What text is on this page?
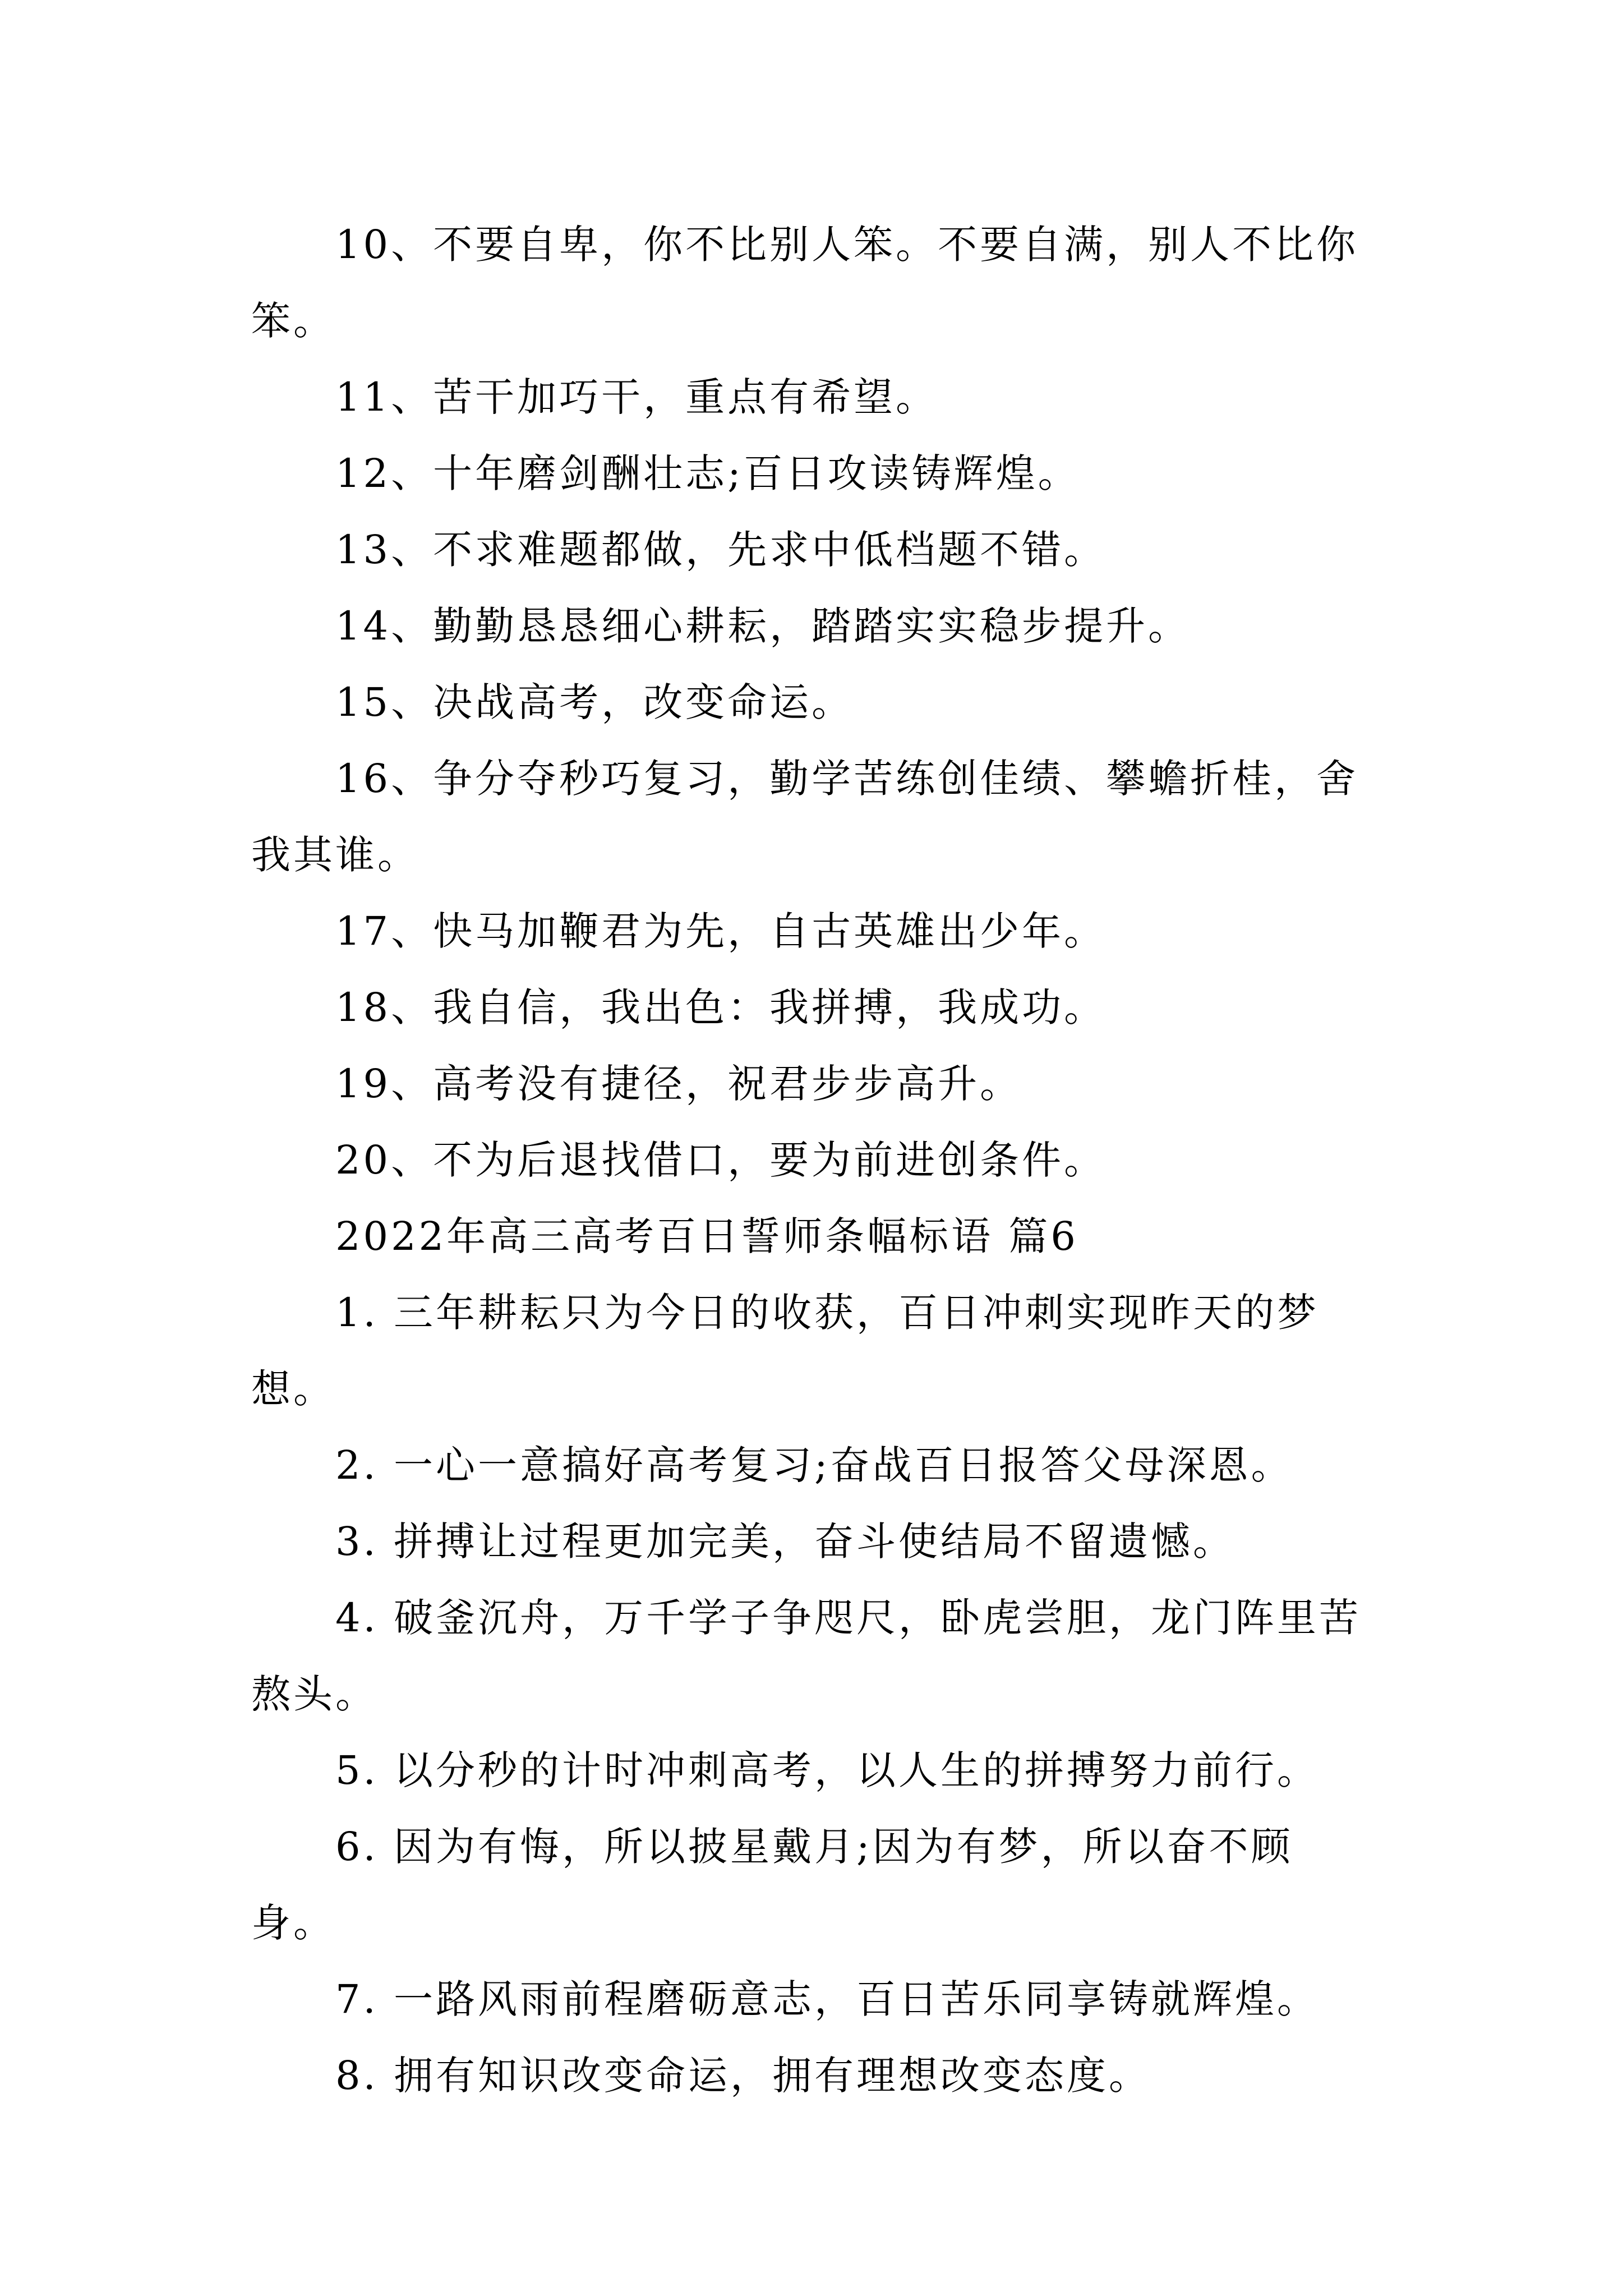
10、不要自卑，你不比别人笨。不要自满，别人不比你笨。

11、苦干加巧干，重点有希望。

12、十年磨剑酬壮志;百日攻读铸辉煌。

13、不求难题都做，先求中低档题不错。

14、勤勤恳恳细心耕耘，踏踏实实稳步提升。

15、决战高考，改变命运。

16、争分夺秒巧复习，勤学苦练创佳绩、攀蟾折桂，舍我其谁。

17、快马加鞭君为先，自古英雄出少年。

18、我自信，我出色：我拼搏，我成功。

19、高考没有捷径，祝君步步高升。

20、不为后退找借口，要为前进创条件。

2022年高三高考百日誓师条幅标语 篇6

1. 三年耕耘只为今日的收获，百日冲刺实现昨天的梦想。

2. 一心一意搞好高考复习;奋战百日报答父母深恩。

3. 拼搏让过程更加完美，奋斗使结局不留遗憾。

4. 破釜沉舟，万千学子争咫尺，卧虎尝胆，龙门阵里苦熬头。

5. 以分秒的计时冲刺高考，以人生的拼搏努力前行。

6. 因为有悔，所以披星戴月;因为有梦，所以奋不顾身。

7. 一路风雨前程磨砺意志，百日苦乐同享铸就辉煌。

8. 拥有知识改变命运，拥有理想改变态度。
